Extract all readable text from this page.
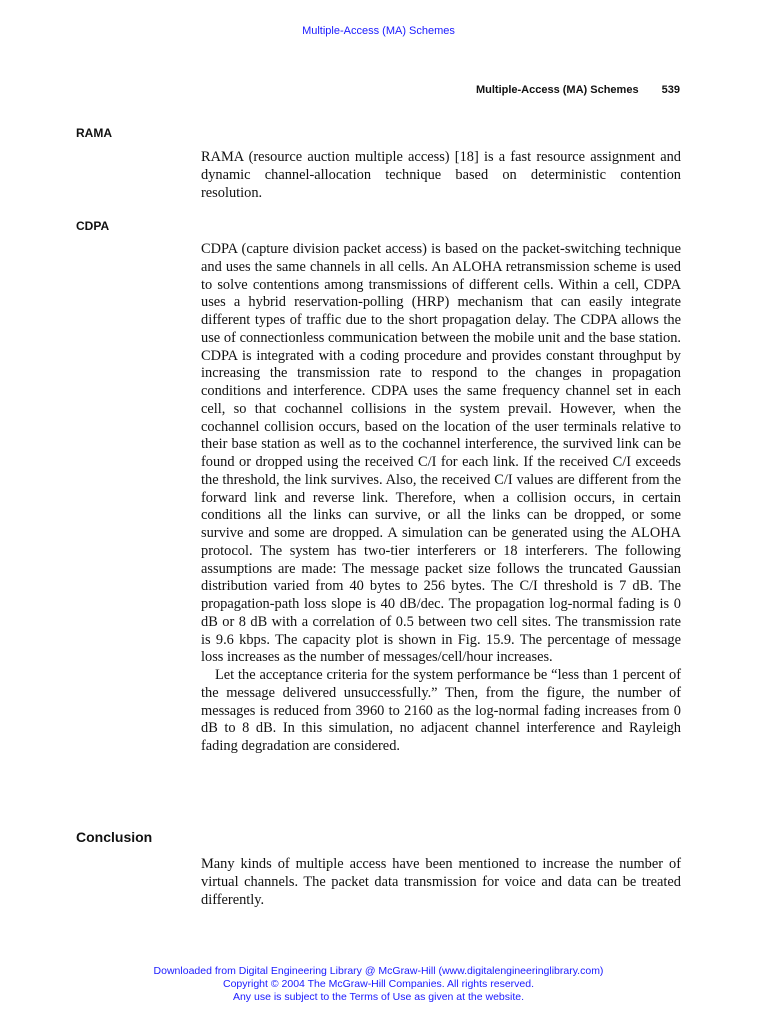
Multiple-Access (MA) Schemes
Multiple-Access (MA) Schemes 539
RAMA

RAMA (resource auction multiple access) [18] is a fast resource assignment and dynamic channel-allocation technique based on deterministic contention resolution.

CDPA

CDPA (capture division packet access) is based on the packet-switching technique and uses the same channels in all cells. An ALOHA retransmission scheme is used to solve contentions among transmissions of different cells. Within a cell, CDPA uses a hybrid reservation-polling (HRP) mechanism that can easily integrate different types of traffic due to the short propagation delay. The CDPA allows the use of connectionless communication between the mobile unit and the base station. CDPA is integrated with a coding procedure and provides constant throughput by increasing the transmission rate to respond to the changes in propagation conditions and interference. CDPA uses the same frequency channel set in each cell, so that cochannel collisions in the system prevail. However, when the cochannel collision occurs, based on the location of the user terminals relative to their base station as well as to the cochannel interference, the survived link can be found or dropped using the received C/I for each link. If the received C/I exceeds the threshold, the link survives. Also, the received C/I values are different from the forward link and reverse link. Therefore, when a collision occurs, in certain conditions all the links can survive, or all the links can be dropped, or some survive and some are dropped. A simulation can be generated using the ALOHA protocol. The system has two-tier interferers or 18 interferers. The following assumptions are made: The message packet size follows the truncated Gaussian distribution varied from 40 bytes to 256 bytes. The C/I threshold is 7 dB. The propagation-path loss slope is 40 dB/dec. The propagation log-normal fading is 0 dB or 8 dB with a correlation of 0.5 between two cell sites. The transmission rate is 9.6 kbps. The capacity plot is shown in Fig. 15.9. The percentage of message loss increases as the number of messages/cell/hour increases.

Let the acceptance criteria for the system performance be “less than 1 percent of the message delivered unsuccessfully.” Then, from the figure, the number of messages is reduced from 3960 to 2160 as the log-normal fading increases from 0 dB to 8 dB. In this simulation, no adjacent channel interference and Rayleigh fading degradation are considered.

Conclusion

Many kinds of multiple access have been mentioned to increase the number of virtual channels. The packet data transmission for voice and data can be treated differently.

Downloaded from Digital Engineering Library @ McGraw-Hill (www.digitalengineeringlibrary.com)
Copyright © 2004 The McGraw-Hill Companies. All rights reserved.
Any use is subject to the Terms of Use as given at the website.
